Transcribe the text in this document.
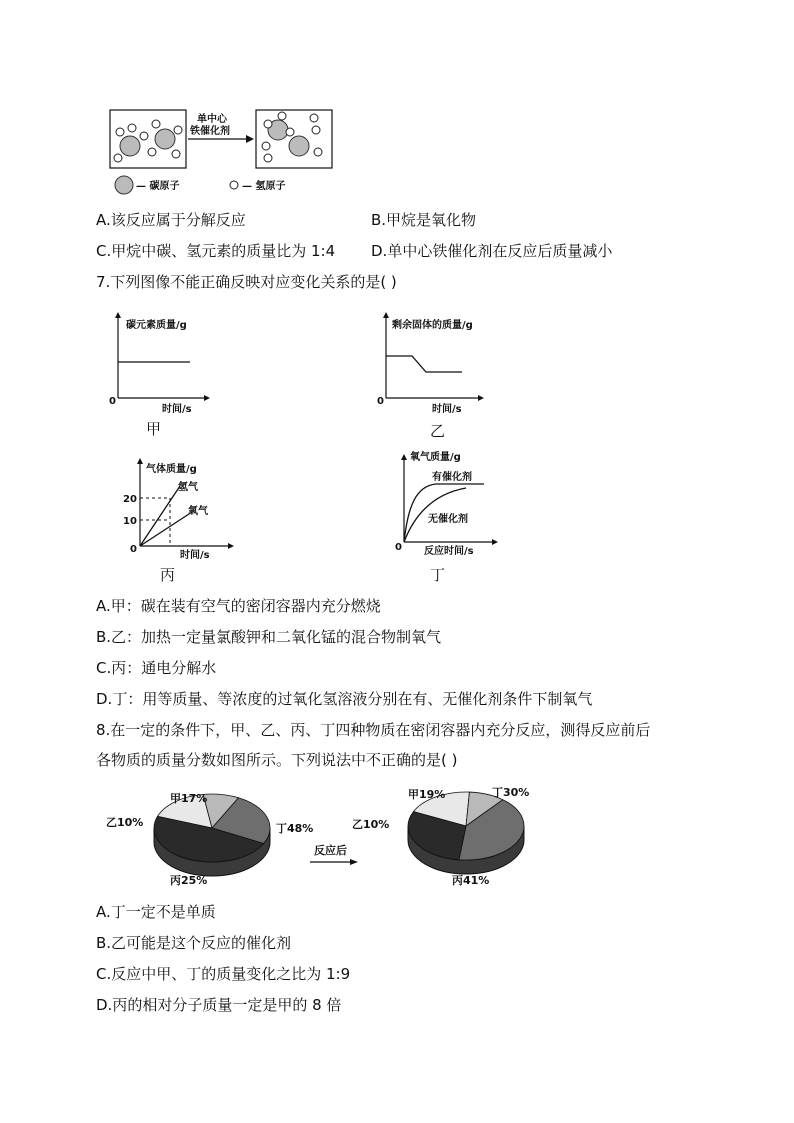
单中心
铁催化剂
— 碳原子	— 氢原子
A.该反应属于分解反应	B.甲烷是氧化物
C.甲烷中碳、氢元素的质量比为 1:4 D.单中心铁催化剂在反应后质量减小
7.下列图像不能正确反映对应变化关系的是( )
碳元素质量/g
时间/s
0
甲
剩余固体的质量/g
时间/s
0
乙
20
10
气体质量/g
氢气
氧气
时间/s
0
丙
氧气质量/g
有催化剂
无催化剂
反应时间/s
0
丁
A.甲：碳在装有空气的密闭容器内充分燃烧
B.乙：加热一定量氯酸钾和二氧化锰的混合物制氧气
C.丙：通电分解水
D.丁：用等质量、等浓度的过氧化氢溶液分别在有、无催化剂条件下制氧气
8.在一定的条件下，甲、乙、丙、丁四种物质在密闭容器内充分反应，测得反应前后
各物质的质量分数如图所示。下列说法中不正确的是( )
甲17%
乙10%	丁48%
丙25%
反应后
甲19%	丁30%
乙10%
丙41%
A.丁一定不是单质
B.乙可能是这个反应的催化剂
C.反应中甲、丁的质量变化之比为 1:9
D.丙的相对分子质量一定是甲的 8 倍
